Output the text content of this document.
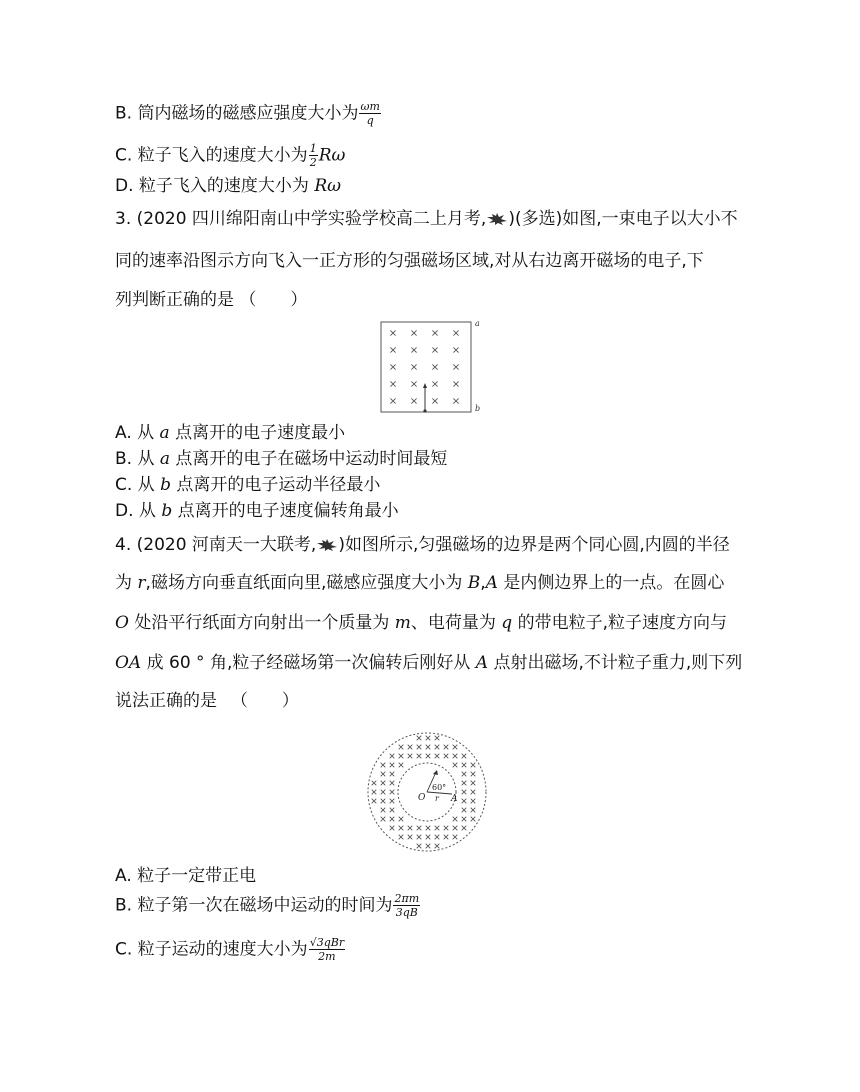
B. 筒内磁场的磁感应强度大小为 $\frac{\omega m}{q}$
C. 粒子飞入的速度大小为 $\frac{1}{2}$ Rω
D. 粒子飞入的速度大小为 Rω
3. (2020 四川绵阳南山中学实验学校高二上月考, )(多选)如图,一束电子以大小不
同的速率沿图示方向飞入一正方形的匀强磁场区域,对从右边离开磁场的电子,下
列判断正确的是 （　　）
a
b
A. 从 a 点离开的电子速度最小
B. 从 a 点离开的电子在磁场中运动时间最短
C. 从 b 点离开的电子运动半径最小
D. 从 b 点离开的电子速度偏转角最小
4. (2020 河南天一大联考, )如图所示,匀强磁场的边界是两个同心圆,内圆的半径
为 r,磁场方向垂直纸面向里,磁感应强度大小为 B,A 是内侧边界上的一点。在圆心
O 处沿平行纸面方向射出一个质量为 m、电荷量为 q 的带电粒子,粒子速度方向与
OA 成 60 ° 角,粒子经磁场第一次偏转后刚好从 A 点射出磁场,不计粒子重力,则下列
说法正确的是 　（　　）
60°
O r A
A. 粒子一定带正电
B. 粒子第一次在磁场中运动的时间为 $\frac{2\pi m}{3qB}$
C. 粒子运动的速度大小为 $\frac{\text{√3qBr}}{2m}$
